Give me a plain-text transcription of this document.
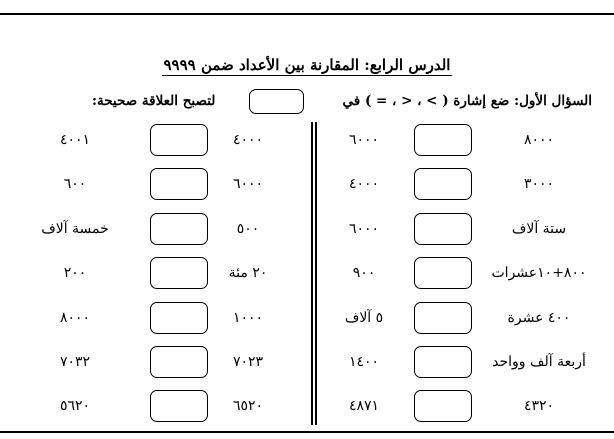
الدرس الرابع: المقارنة بين الأعداد ضمن ٩٩٩٩
السؤال الأول: ضع إشارة ( > ، < ، = ) في
لتصبح العلاقة صحيحة:
٨٠٠٠
٦٠٠٠
٣٠٠٠
٤٠٠٠
ستة آلاف
٦٠٠٠
٨٠٠+١٠عشرات
٩٠٠
٤٠٠ عشرة
٥ آلاف
أربعة آلف وواحد
١٤٠٠
٤٣٢٠
٤٨٧١
٤٠٠٠
٤٠٠١
٦٠٠٠
٦٠٠
٥٠٠
خمسة آلاف
٢٠ مئة
٢٠٠
١٠٠٠
٨٠٠٠
٧٠٢٣
٧٠٣٢
٦٥٢٠
٥٦٢٠
